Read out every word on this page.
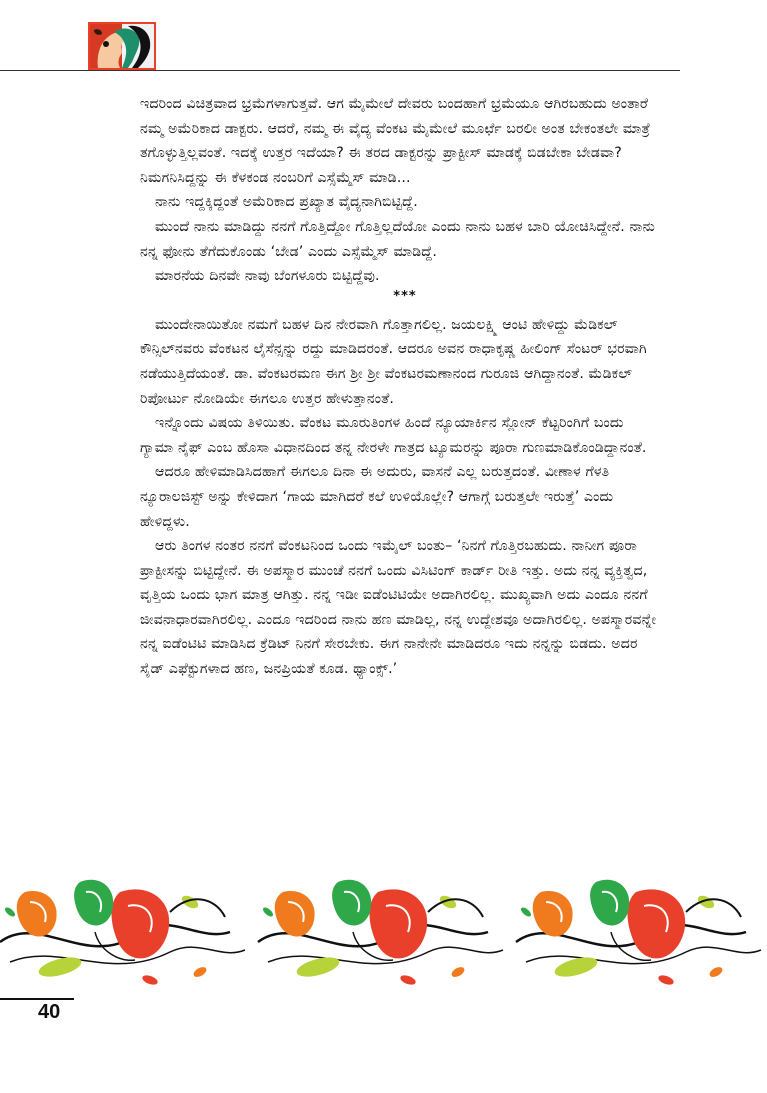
ಇದರಿಂದ ವಿಚಿತ್ರವಾದ ಭ್ರಮೆಗಳಾಗುತ್ತವೆ. ಆಗ ಮೈಮೇಲೆ ದೇವರು ಬಂದಹಾಗೆ ಭ್ರಮೆಯೂ ಆಗಿರಬಹುದು ಅಂತಾರೆ ನಮ್ಮ ಅಮೆರಿಕಾದ ಡಾಕ್ಟರು. ಆದರೆ, ನಮ್ಮ ಈ ವೈದ್ಯ ವೆಂಕಟ ಮೈಮೇಲೆ ಮೂರ್ಛೆ ಬರಲೀ ಅಂತ ಬೇಕಂತಲೇ ಮಾತ್ರೆ ತಗೊಳ್ಳುತ್ತಿಲ್ಲವಂತೆ. ಇದಕ್ಕೆ ಉತ್ತರ ಇದೆಯಾ? ಈ ತರದ ಡಾಕ್ಟರನ್ನು ಪ್ರಾಕ್ಟೀಸ್ ಮಾಡಕ್ಕೆ ಬಿಡಬೇಕಾ ಬೇಡವಾ? ನಿಮಗನಿಸಿದ್ದನ್ನು ಈ ಕೆಳಕಂಡ ನಂಬರಿಗೆ ಎಸ್ಸೆಮ್ಮೆಸ್ ಮಾಡಿ...

ನಾನು ಇದ್ದಕ್ಕಿದ್ದಂತೆ ಅಮೆರಿಕಾದ ಪ್ರಖ್ಯಾತ ವೈದ್ಯನಾಗಿಬಿಟ್ಟಿದ್ದೆ.

ಮುಂದೆ ನಾನು ಮಾಡಿದ್ದು ನನಗೆ ಗೊತ್ತಿದ್ದೋ ಗೊತ್ತಿಲ್ಲದೆಯೋ ಎಂದು ನಾನು ಬಹಳ ಬಾರಿ ಯೋಚಿಸಿದ್ದೇನೆ. ನಾನು ನನ್ನ ಫೋನು ತೆಗೆದುಕೊಂಡು ‘ಬೇಡ’ ಎಂದು ಎಸ್ಸೆಮ್ಮೆಸ್ ಮಾಡಿದ್ದೆ.

ಮಾರನೆಯ ದಿನವೇ ನಾವು ಬೆಂಗಳೂರು ಬಿಟ್ಟಿದ್ದೆವು.

***

ಮುಂದೇನಾಯಿತೋ ನಮಗೆ ಬಹಳ ದಿನ ನೇರವಾಗಿ ಗೊತ್ತಾಗಲಿಲ್ಲ. ಜಯಲಕ್ಷ್ಮಿ ಆಂಟಿ ಹೇಳಿದ್ದು ಮೆಡಿಕಲ್ ಕೌನ್ಸಿಲ್‌ನವರು ವೆಂಕಟನ ಲೈಸೆನ್ಸನ್ನು ರದ್ದು ಮಾಡಿದರಂತೆ. ಆದರೂ ಅವನ ರಾಧಾಕೃಷ್ಣ ಹೀಲಿಂಗ್ ಸೆಂಟರ್ ಭರವಾಗಿ ನಡೆಯುತ್ತಿದೆಯಂತೆ. ಡಾ. ವೆಂಕಟರಮಣ ಈಗ ಶ್ರೀ ಶ್ರೀ ವೆಂಕಟರಮಣಾನಂದ ಗುರೂಜಿ ಆಗಿದ್ದಾನಂತೆ. ಮೆಡಿಕಲ್ ರಿಪೋರ್ಟು ನೋಡಿಯೇ ಈಗಲೂ ಉತ್ತರ ಹೇಳುತ್ತಾನಂತೆ.

ಇನ್ನೊಂದು ವಿಷಯ ತಿಳಿಯಿತು. ವೆಂಕಟ ಮೂರುತಿಂಗಳ ಹಿಂದೆ ನ್ಯೂಯಾರ್ಕಿನ ಸ್ಲೋನ್ ಕೆಟ್ಟರಿಂಗಿಗೆ ಬಂದು ಗ್ಯಾಮಾ ನೈಫ್ ಎಂಬ ಹೊಸಾ ವಿಧಾನದಿಂದ ತನ್ನ ನೇರಳೇ ಗಾತ್ರದ ಟ್ಯೂಮರನ್ನು ಪೂರಾ ಗುಣಮಾಡಿಕೊಂಡಿದ್ದಾನಂತೆ.

ಆದರೂ ಹೇಳಿಮಾಡಿಸಿದಹಾಗೆ ಈಗಲೂ ದಿನಾ ಈ ಅದುರು, ವಾಸನೆ ಎಲ್ಲ ಬರುತ್ತದಂತೆ. ವೀಣಾಳ ಗೆಳತಿ ನ್ಯೂರಾಲಜಿಸ್ಟ್ ಅನ್ನು ಕೇಳಿದಾಗ ‘ಗಾಯ ಮಾಗಿದರೆ ಕಲೆ ಉಳಿಯೊಲ್ಲೇ? ಆಗಾಗ್ಗೆ ಬರುತ್ತಲೇ ಇರುತ್ತೆ’ ಎಂದು ಹೇಳಿದ್ದಳು.

ಆರು ತಿಂಗಳ ನಂತರ ನನಗೆ ವೆಂಕಟನಿಂದ ಒಂದು ಇಮೈಲ್ ಬಂತು– ‘ನಿನಗೆ ಗೊತ್ತಿರಬಹುದು. ನಾನೀಗ ಪೂರಾ ಪ್ರಾಕ್ಟೀಸನ್ನು ಬಿಟ್ಟಿದ್ದೇನೆ. ಈ ಅಪಸ್ಮಾರ ಮುಂಚೆ ನನಗೆ ಒಂದು ವಿಸಿಟಿಂಗ್ ಕಾರ್ಡ್ ರೀತಿ ಇತ್ತು. ಅದು ನನ್ನ ವ್ಯಕ್ತಿತ್ವದ, ವೃತ್ತಿಯ ಒಂದು ಭಾಗ ಮಾತ್ರ ಆಗಿತ್ತು. ನನ್ನ ಇಡೀ ಐಡೆಂಟಿಟಿಯೇ ಅದಾಗಿರಲಿಲ್ಲ. ಮುಖ್ಯವಾಗಿ ಅದು ಎಂದೂ ನನಗೆ ಜೀವನಾಧಾರವಾಗಿರಲಿಲ್ಲ. ಎಂದೂ ಇದರಿಂದ ನಾನು ಹಣ ಮಾಡಿಲ್ಲ, ನನ್ನ ಉದ್ದೇಶವೂ ಅದಾಗಿರಲಿಲ್ಲ. ಅಪಸ್ಮಾರವನ್ನೇ ನನ್ನ ಐಡೆಂಟಿಟಿ ಮಾಡಿಸಿದ ಕ್ರೆಡಿಟ್ ನಿನಗೆ ಸೇರಬೇಕು. ಈಗ ನಾನೇನೇ ಮಾಡಿದರೂ ಇದು ನನ್ನನ್ನು ಬಿಡದು. ಅದರ ಸೈಡ್ ಎಫೆಕ್ಟುಗಳಾದ ಹಣ, ಜನಪ್ರಿಯತೆ ಕೂಡ. ಥ್ಯಾಂಕ್ಸ್.’

40
